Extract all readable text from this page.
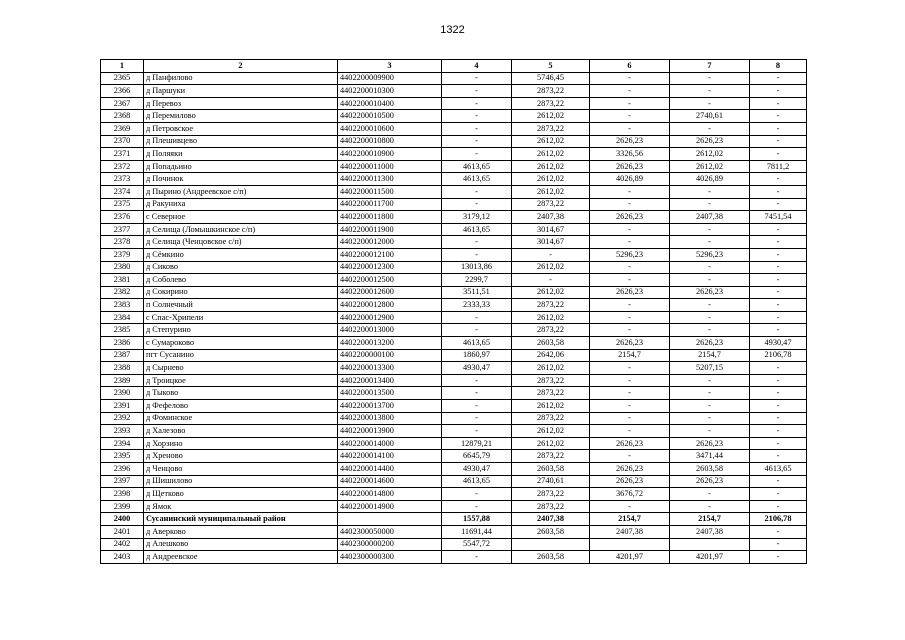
1322
1	2	3	4	5	6	7	8
2365	д Панфилово	4402200009900	-	5746,45	-	-	-
2366	д Паршуки	4402200010300	-	2873,22	-	-	-
2367	д Перевоз	4402200010400	-	2873,22	-	-	-
2368	д Перемилово	4402200010500	-	2612,02	-	2740,61	-
2369	д Петровское	4402200010600	-	2873,22	-	-	-
2370	д Плешивцево	4402200010800	-	2612,02	2626,23	2626,23	-
2371	д Поляяки	4402200010900	-	2612,02	3326,56	2612,02	-
2372	д Попадьино	4402200011000	4613,65	2612,02	2626,23	2612,02	7811,2
2373	д Починок	4402200011300	4613,65	2612,02	4026,89	4026,89	-
2374	д Пырино (Андреевское с/п)	4402200011500	-	2612,02	-	-	-
2375	д Ракуниха	4402200011700	-	2873,22	-	-	-
2376	с Северное	4402200011800	3179,12	2407,38	2626,23	2407,38	7451,54
2377	д Селища (Ломышкинское с/п)	4402200011900	4613,65	3014,67	-	-	-
2378	д Селища (Ченцовское с/п)	4402200012000	-	3014,67	-	-	-
2379	д Сёмкино	4402200012100	-	-	5296,23	5296,23	-
2380	д Сиково	4402200012300	13013,86	2612,02	-	-	-
2381	д Соболево	4402200012500	2299,7	-	-	-	-
2382	д Сокирино	4402200012600	3511,51	2612,02	2626,23	2626,23	-
2383	п Солнечный	4402200012800	2333,33	2873,22	-	-	-
2384	с Спас-Хрипели	4402200012900	-	2612,02	-	-	-
2385	д Степурино	4402200013000	-	2873,22	-	-	-
2386	с Сумароково	4402200013200	4613,65	2603,58	2626,23	2626,23	4930,47
2387	пгт Сусанино	4402200000100	1860,97	2642,06	2154,7	2154,7	2106,78
2388	д Сырнево	4402200013300	4930,47	2612,02	-	5207,15	-
2389	д Троицкое	4402200013400	-	2873,22	-	-	-
2390	д Тыково	4402200013500	-	2873,22	-	-	-
2391	д Фефелово	4402200013700	-	2612,02	-	-	-
2392	д Фоминское	4402200013800	-	2873,22	-	-	-
2393	д Халезово	4402200013900	-	2612,02	-	-	-
2394	д Хорзино	4402200014000	12879,21	2612,02	2626,23	2626,23	-
2395	д Хреново	4402200014100	6645,79	2873,22	-	3471,44	-
2396	д Ченцово	4402200014400	4930,47	2603,58	2626,23	2603,58	4613,65
2397	д Шишилово	4402200014600	4613,65	2740,61	2626,23	2626,23	-
2398	д Щетково	4402200014800	-	2873,22	3676,72	-	-
2399	д Ямок	4402200014900	-	2873,22	-	-	-
2400	Сусанинский муниципальный район		1557,88	2407,38	2154,7	2154,7	2106,78
2401	д Аверково	4402300050000	11691,44	2603,58	2407,38	2407,38	-
2402	д Алешково	4402300000200	5547,72				-
2403	д Андреевское	4402300000300	-	2603,58	4201,97	4201,97	-
